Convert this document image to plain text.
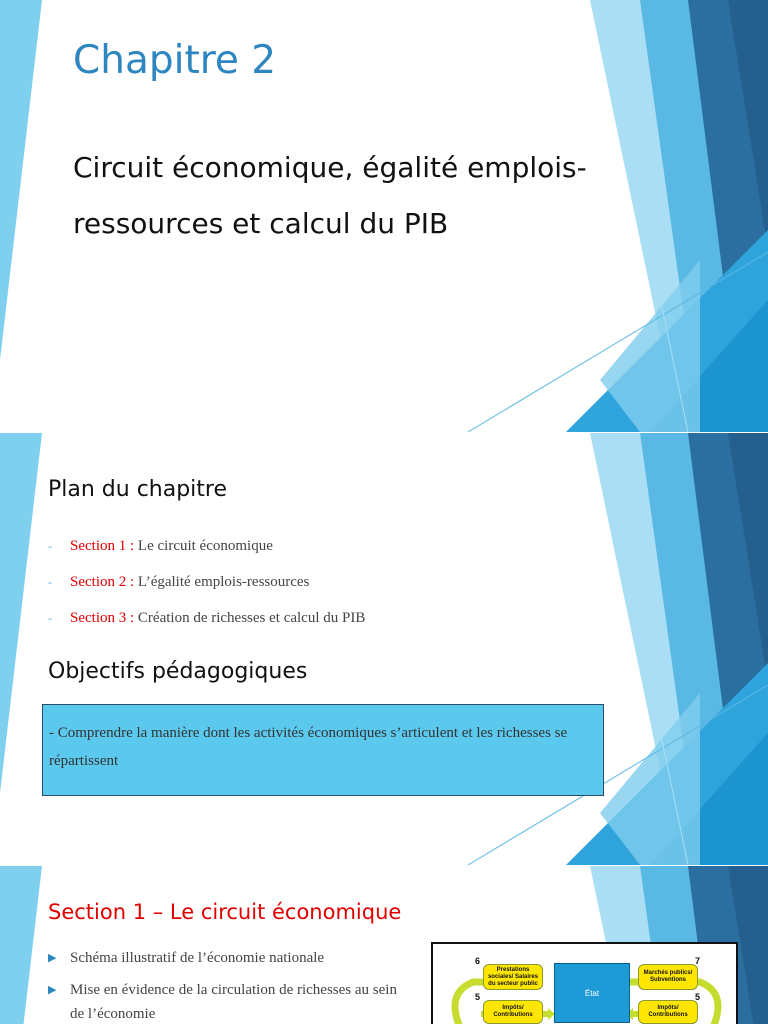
Chapitre 2
Circuit économique, égalité emplois-ressources et calcul du PIB
Plan du chapitre
- Section 1 : Le circuit économique
- Section 2 : L’égalité emplois-ressources
- Section 3 : Création de richesses et calcul du PIB
Objectifs pédagogiques

- Comprendre la manière dont les activités économiques s’articulent et les richesses se répartissent

Section 1 – Le circuit économique
▶ Schéma illustratif de l’économie nationale
▶ Mise en évidence de la circulation de richesses au sein de l’économie
6	7
5	5
Prestations sociales/ Salaires du secteur public
Impôts/ Contributions
État
Marchés publics/ Subventions
Impôts/ Contributions
